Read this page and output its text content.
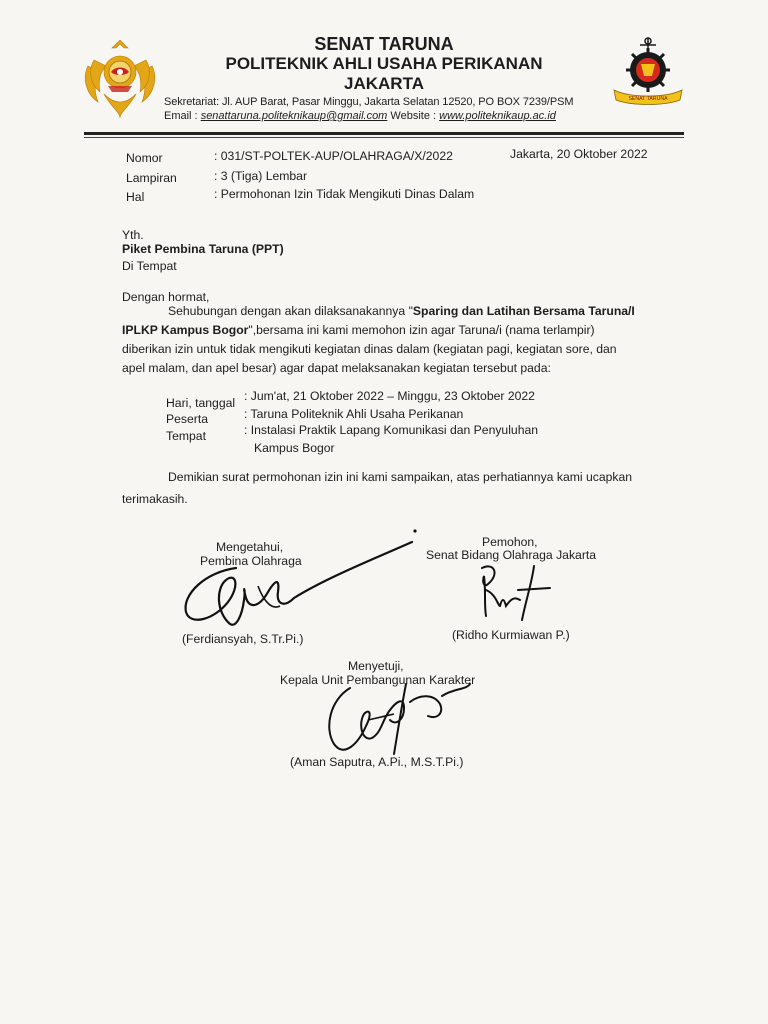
SENAT TARUNA
POLITEKNIK AHLI USAHA PERIKANAN
JAKARTA
SENAT TARUNA
Sekretariat: Jl. AUP Barat, Pasar Minggu, Jakarta Selatan 12520, PO BOX 7239/PSM
Email : senattaruna.politeknikaup@gmail.com Website : www.politeknikaup.ac.id
Nomor	: 031/ST-POLTEK-AUP/OLAHRAGA/X/2022	Jakarta, 20 Oktober 2022
Lampiran	: 3 (Tiga) Lembar
Hal	: Permohonan Izin Tidak Mengikuti Dinas Dalam
Yth.
Piket Pembina Taruna (PPT)
Di Tempat
Dengan hormat,

Sehubungan dengan akan dilaksanakannya "Sparing dan Latihan Bersama Taruna/I

IPLKP Kampus Bogor",bersama ini kami memohon izin agar Taruna/i (nama terlampir)

diberikan izin untuk tidak mengikuti kegiatan dinas dalam (kegiatan pagi, kegiatan sore, dan

apel malam, dan apel besar) agar dapat melaksanakan kegiatan tersebut pada:

Hari, tanggal : Jum'at, 21 Oktober 2022 – Minggu, 23 Oktober 2022
Peserta	: Taruna Politeknik Ahli Usaha Perikanan
Tempat	: Instalasi Praktik Lapang Komunikasi dan Penyuluhan
Kampus Bogor
Demikian surat permohonan izin ini kami sampaikan, atas perhatiannya kami ucapkan
terimakasih.
Mengetahui,
Pembina Olahraga
(Ferdiansyah, S.Tr.Pi.)
Pemohon,
Senat Bidang Olahraga Jakarta
(Ridho Kurmiawan P.)
Menyetuji,
Kepala Unit Pembangunan Karakter
(Aman Saputra, A.Pi., M.S.T.Pi.)
